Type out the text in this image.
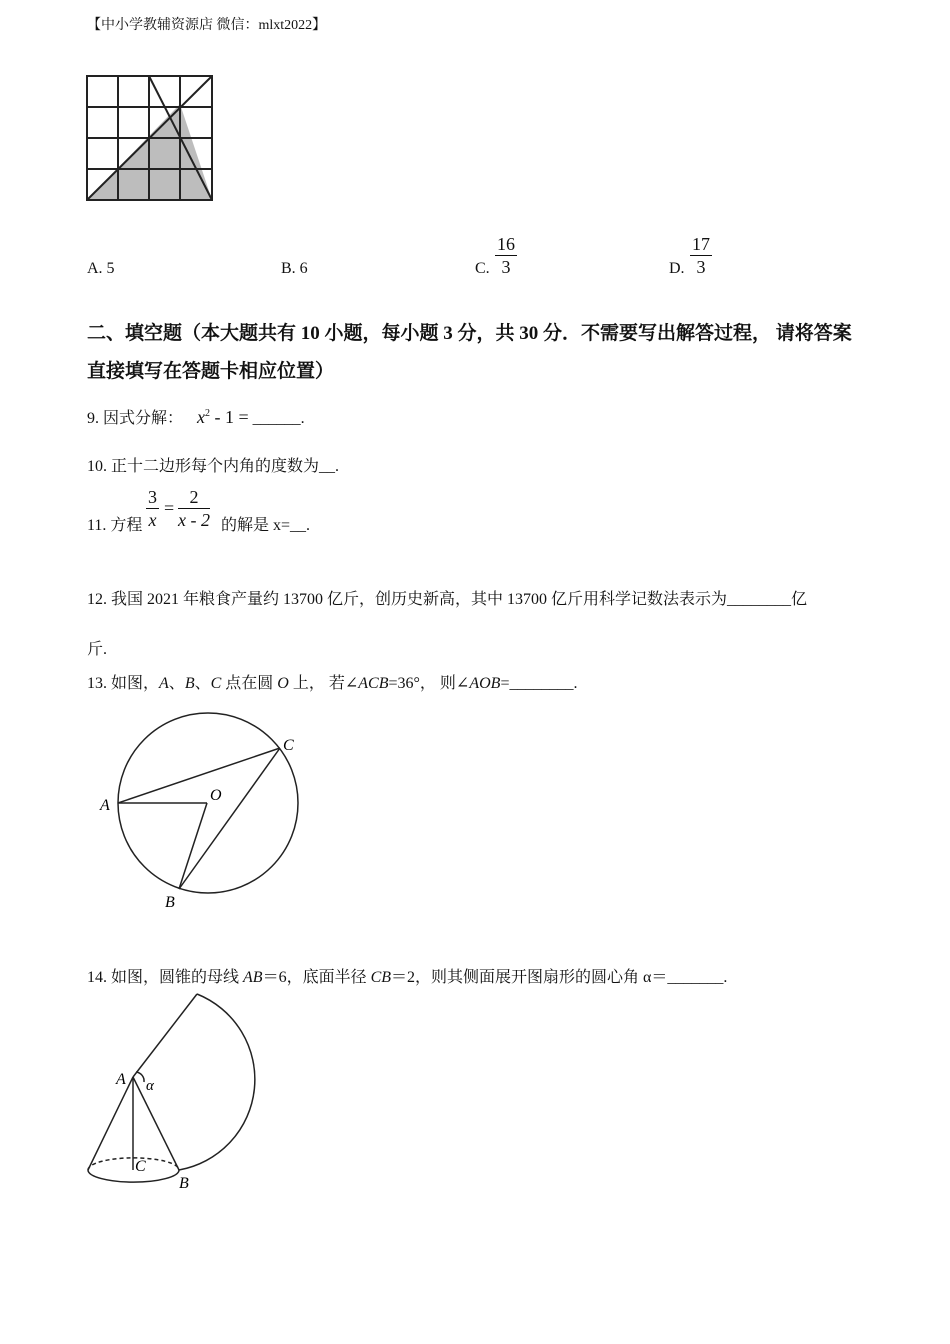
【中小学教辅资源店 微信：mlxt2022】
A. 5	B. 6	C. $\frac{16}{3}$	D. $\frac{17}{3}$
二、填空题（本大题共有 10 小题，每小题 3 分，共 30 分．不需要写出解答过程， 请将答案
直接填写在答题卡相应位置）
9. 因式分解： $x^2 - 1$ = ______.
10. 正十二边形每个内角的度数为__.
11. 方程 $\frac{3}{x} = \frac{2}{x - 2}$ 的解是 x=__.
12. 我国 2021 年粮食产量约 13700 亿斤，创历史新高，其中 13700 亿斤用科学记数法表示为________亿
斤.
13. 如图，A、B、C 点在圆 O 上， 若∠ACB=36°， 则∠AOB=________.
A
B
C
O
14. 如图，圆锥的母线 AB＝6，底面半径 CB＝2，则其侧面展开图扇形的圆心角 α＝_______.
A α
C
B
